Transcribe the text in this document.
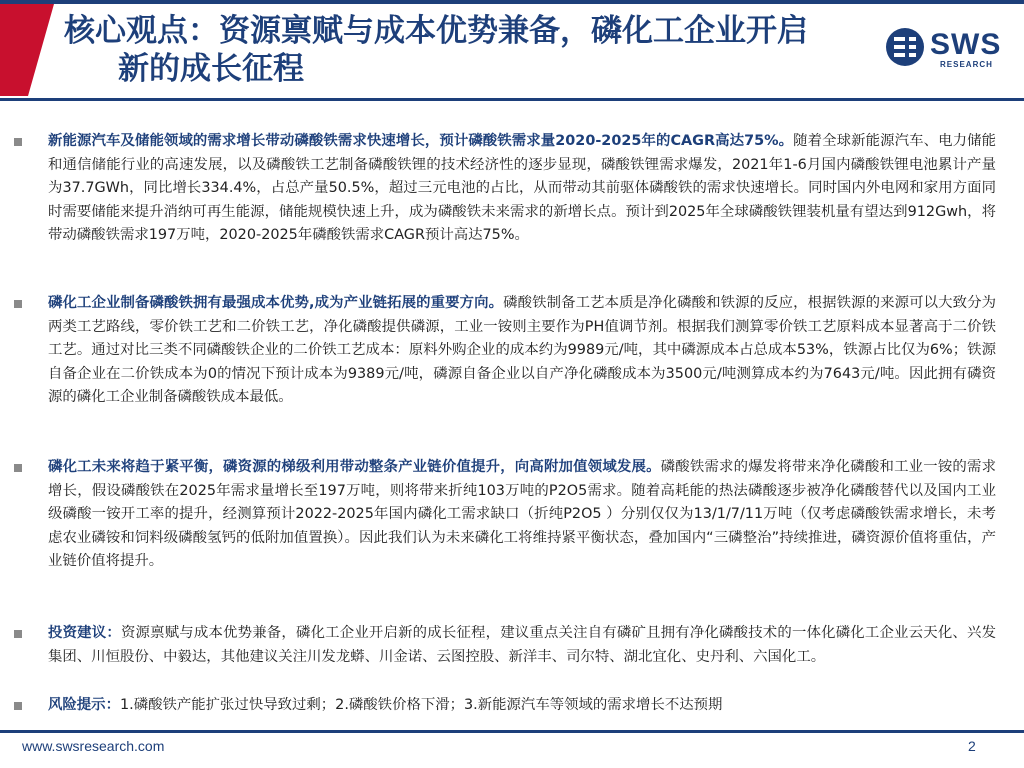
核心观点：资源禀赋与成本优势兼备，磷化工企业开启
新的成长征程
SWS
RESEARCH
新能源汽车及储能领域的需求增长带动磷酸铁需求快速增长，预计磷酸铁需求量2020-2025年的CAGR高达75%。随着全球新能源汽车、电力储能和通信储能行业的高速发展，以及磷酸铁工艺制备磷酸铁锂的技术经济性的逐步显现，磷酸铁锂需求爆发，2021年1-6月国内磷酸铁锂电池累计产量为37.7GWh，同比增长334.4%，占总产量50.5%，超过三元电池的占比，从而带动其前驱体磷酸铁的需求快速增长。同时国内外电网和家用方面同时需要储能来提升消纳可再生能源，储能规模快速上升，成为磷酸铁未来需求的新增长点。预计到2025年全球磷酸铁锂装机量有望达到912Gwh，将带动磷酸铁需求197万吨，2020-2025年磷酸铁需求CAGR预计高达75%。
磷化工企业制备磷酸铁拥有最强成本优势,成为产业链拓展的重要方向。磷酸铁制备工艺本质是净化磷酸和铁源的反应，根据铁源的来源可以大致分为两类工艺路线，零价铁工艺和二价铁工艺，净化磷酸提供磷源，工业一铵则主要作为PH值调节剂。根据我们测算零价铁工艺原料成本显著高于二价铁工艺。通过对比三类不同磷酸铁企业的二价铁工艺成本：原料外购企业的成本约为9989元/吨，其中磷源成本占总成本53%，铁源占比仅为6%；铁源自备企业在二价铁成本为0的情况下预计成本为9389元/吨，磷源自备企业以自产净化磷酸成本为3500元/吨测算成本约为7643元/吨。因此拥有磷资源的磷化工企业制备磷酸铁成本最低。
磷化工未来将趋于紧平衡，磷资源的梯级利用带动整条产业链价值提升，向高附加值领域发展。磷酸铁需求的爆发将带来净化磷酸和工业一铵的需求增长，假设磷酸铁在2025年需求量增长至197万吨，则将带来折纯103万吨的P2O5需求。随着高耗能的热法磷酸逐步被净化磷酸替代以及国内工业级磷酸一铵开工率的提升，经测算预计2022-2025年国内磷化工需求缺口（折纯P2O5 ）分别仅仅为13/1/7/11万吨（仅考虑磷酸铁需求增长，未考虑农业磷铵和饲料级磷酸氢钙的低附加值置换）。因此我们认为未来磷化工将维持紧平衡状态，叠加国内“三磷整治”持续推进，磷资源价值将重估，产业链价值将提升。
投资建议：资源禀赋与成本优势兼备，磷化工企业开启新的成长征程，建议重点关注自有磷矿且拥有净化磷酸技术的一体化磷化工企业云天化、兴发集团、川恒股份、中毅达，其他建议关注川发龙蟒、川金诺、云图控股、新洋丰、司尔特、湖北宜化、史丹利、六国化工。
风险提示：1.磷酸铁产能扩张过快导致过剩；2.磷酸铁价格下滑；3.新能源汽车等领域的需求增长不达预期
www.swsresearch.com	2
